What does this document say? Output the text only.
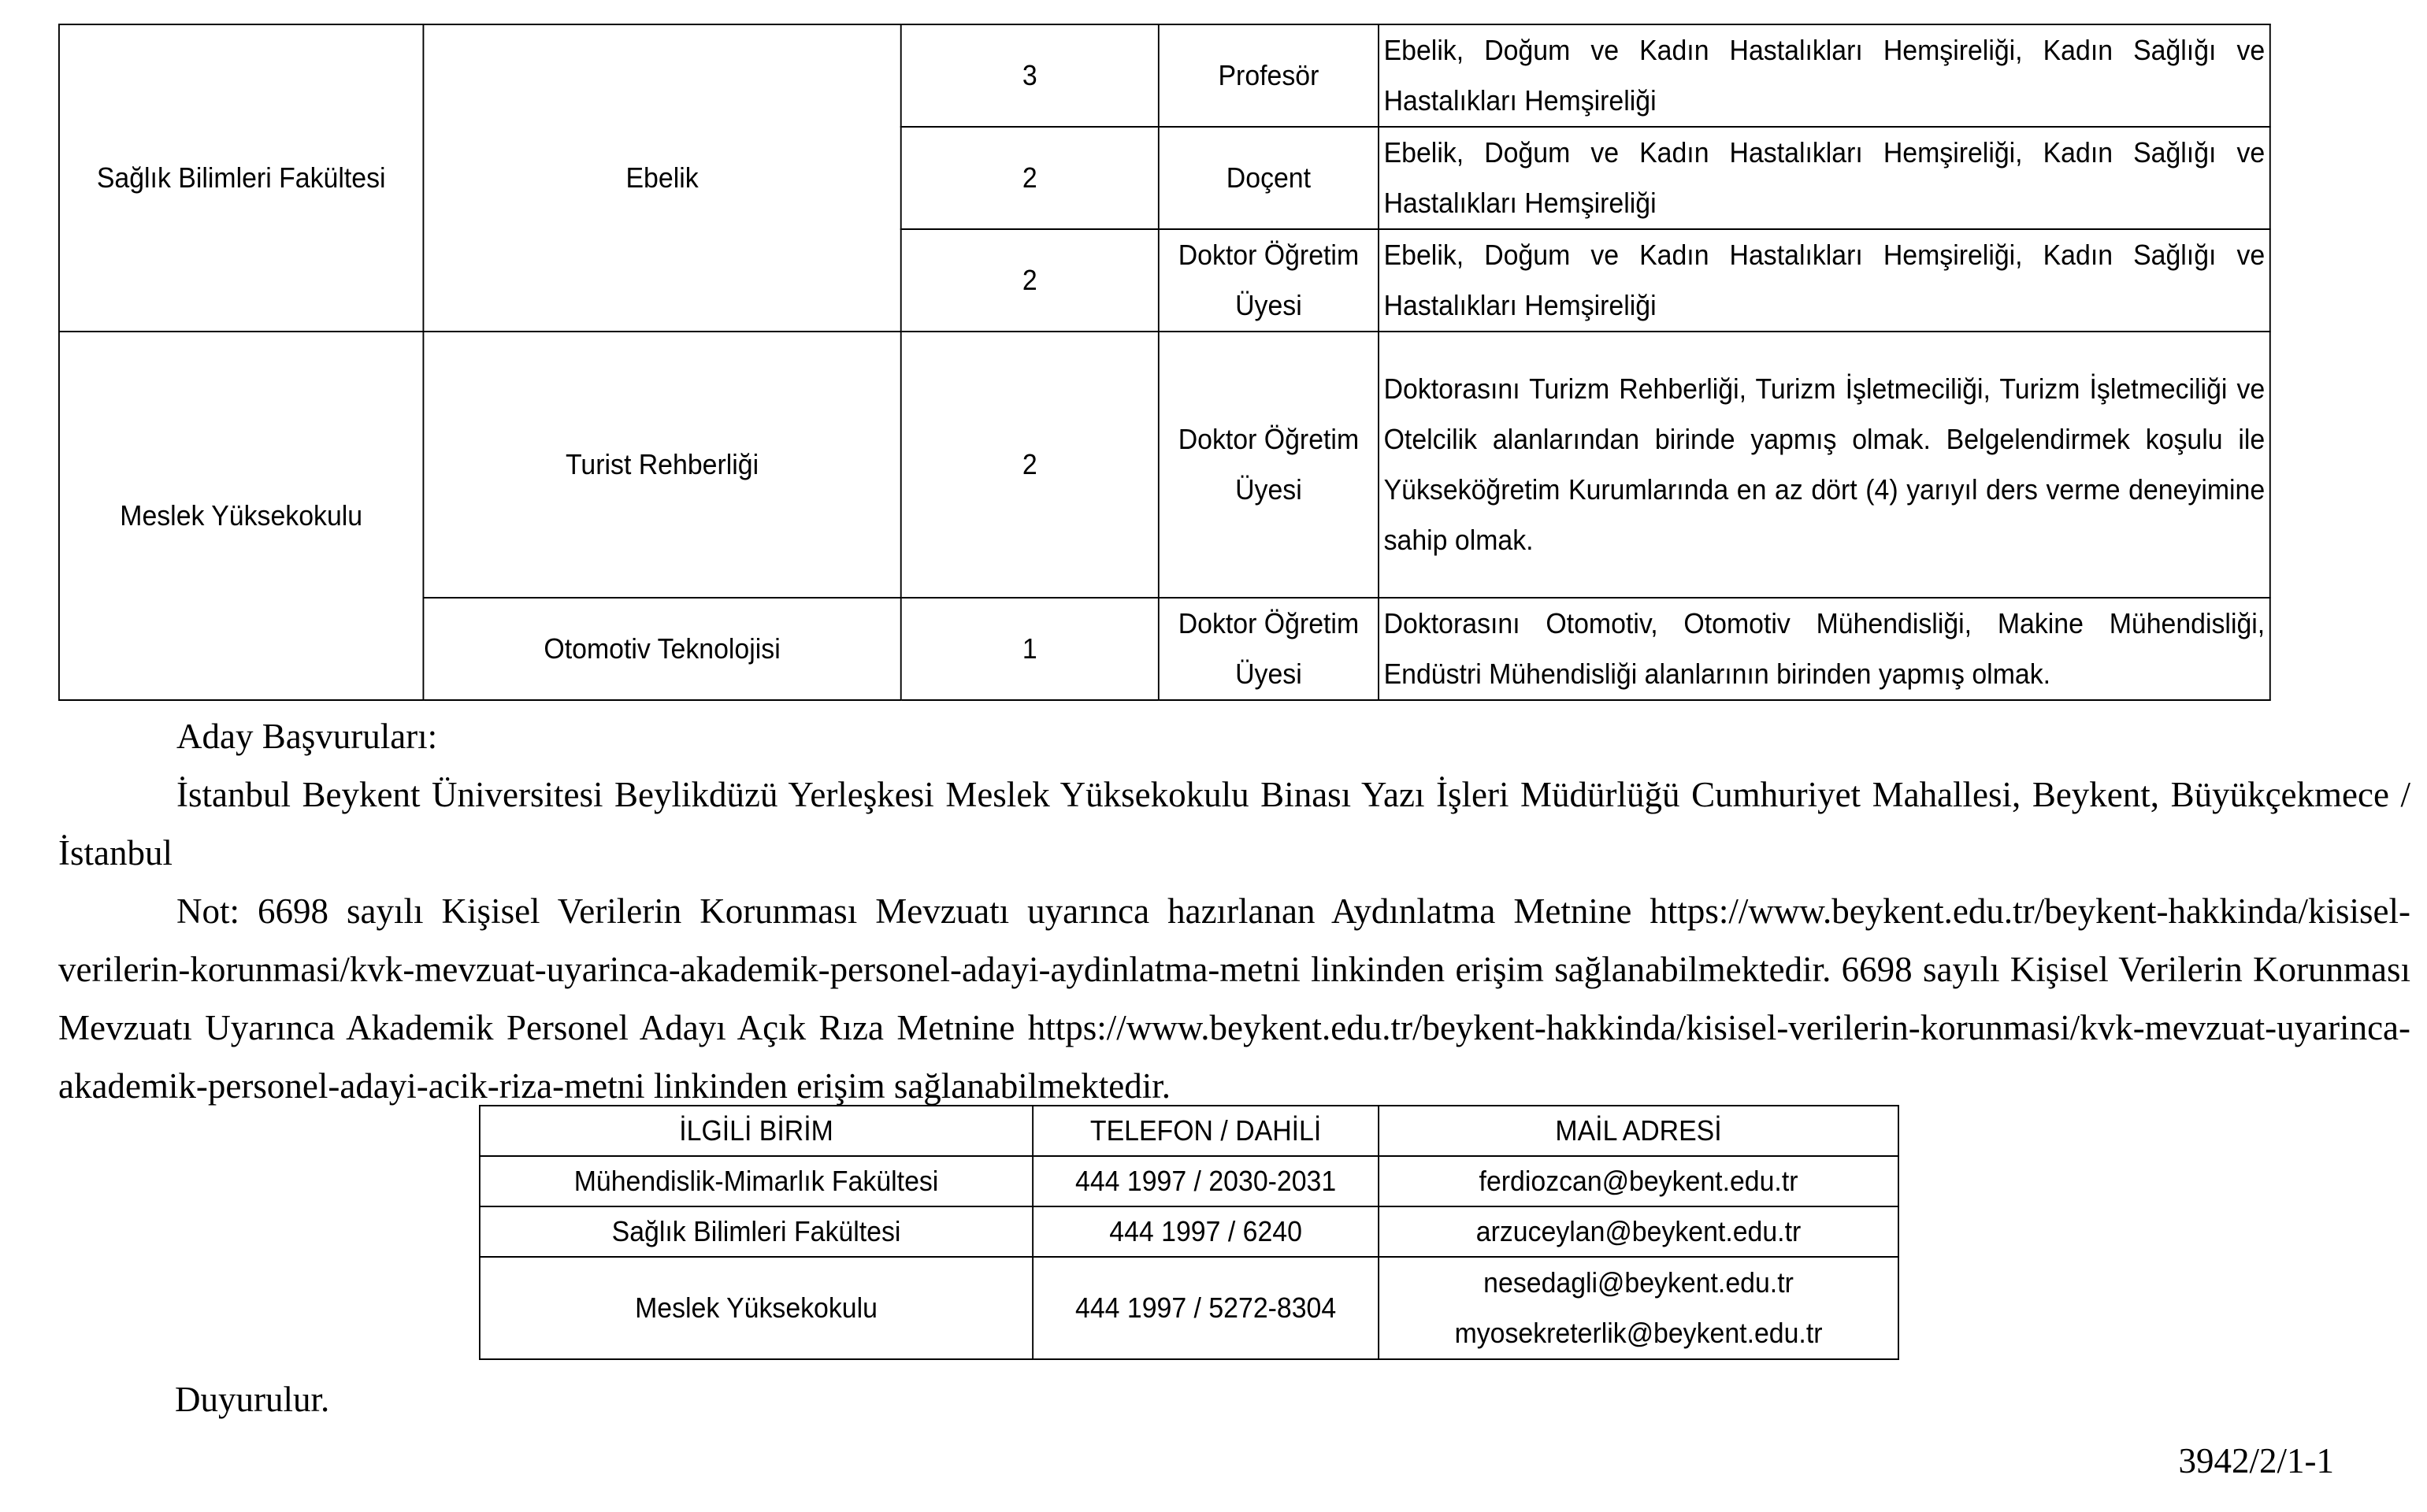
Sağlık Bilimleri Fakültesi	Ebelik	3	Profesör	Ebelik, Doğum ve Kadın Hastalıkları Hemşireliği, Kadın Sağlığı ve Hastalıkları Hemşireliği
		2	Doçent	Ebelik, Doğum ve Kadın Hastalıkları Hemşireliği, Kadın Sağlığı ve Hastalıkları Hemşireliği
		2	Doktor Öğretim Üyesi	Ebelik, Doğum ve Kadın Hastalıkları Hemşireliği, Kadın Sağlığı ve Hastalıkları Hemşireliği
Meslek Yüksekokulu	Turist Rehberliği	2	Doktor Öğretim Üyesi	Doktorasını Turizm Rehberliği, Turizm İşletmeciliği, Turizm İşletmeciliği ve Otelcilik alanlarından birinde yapmış olmak. Belgelendirmek koşulu ile Yükseköğretim Kurumlarında en az dört (4) yarıyıl ders verme deneyimine sahip olmak.
	Otomotiv Teknolojisi	1	Doktor Öğretim Üyesi	Doktorasını Otomotiv, Otomotiv Mühendisliği, Makine Mühendisliği, Endüstri Mühendisliği alanlarının birinden yapmış olmak.

Aday Başvuruları:

İstanbul Beykent Üniversitesi Beylikdüzü Yerleşkesi Meslek Yüksekokulu Binası Yazı İşleri Müdürlüğü Cumhuriyet Mahallesi, Beykent, Büyükçekmece / İstanbul

Not: 6698 sayılı Kişisel Verilerin Korunması Mevzuatı uyarınca hazırlanan Aydınlatma Metnine https://www.beykent.edu.tr/beykent-hakkinda/kisisel-verilerin-korunmasi/kvk-mevzuat-uyarinca-akademik-personel-adayi-aydinlatma-metni linkinden erişim sağlanabilmektedir. 6698 sayılı Kişisel Verilerin Korunması Mevzuatı Uyarınca Akademik Personel Adayı Açık Rıza Metnine https://www.beykent.edu.tr/beykent-hakkinda/kisisel-verilerin-korunmasi/kvk-mevzuat-uyarinca-akademik-personel-adayi-acik-riza-metni linkinden erişim sağlanabilmektedir.

İLGİLİ BİRİM	TELEFON / DAHİLİ	MAİL ADRESİ
Mühendislik-Mimarlık Fakültesi	444 1997 / 2030-2031	ferdiozcan@beykent.edu.tr
Sağlık Bilimleri Fakültesi	444 1997 / 6240	arzuceylan@beykent.edu.tr
Meslek Yüksekokulu	444 1997 / 5272-8304	nesedagli@beykent.edu.tr
myosekreterlik@beykent.edu.tr

Duyurulur.

3942/2/1-1
